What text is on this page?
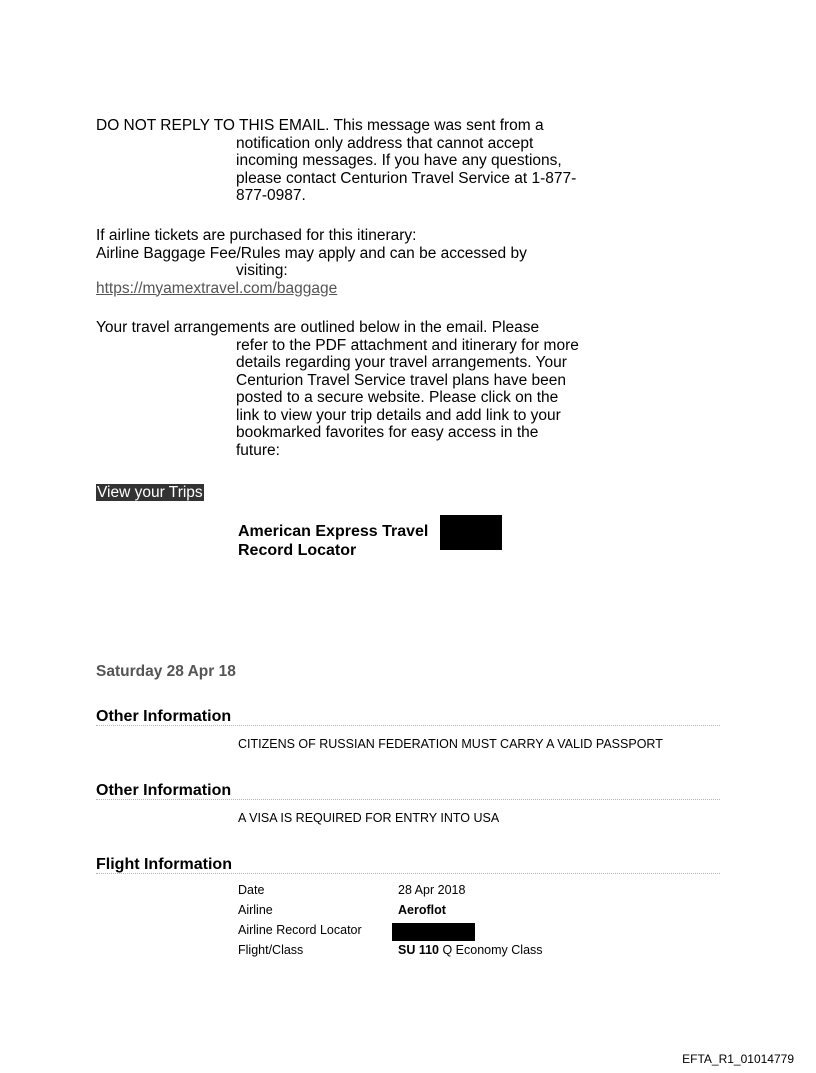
DO NOT REPLY TO THIS EMAIL. This message was sent from a
notification only address that cannot accept
incoming messages. If you have any questions,
please contact Centurion Travel Service at 1-877-
877-0987.
If airline tickets are purchased for this itinerary:
Airline Baggage Fee/Rules may apply and can be accessed by
visiting:
https://myamextravel.com/baggage
Your travel arrangements are outlined below in the email. Please
refer to the PDF attachment and itinerary for more
details regarding your travel arrangements. Your
Centurion Travel Service travel plans have been
posted to a secure website. Please click on the
link to view your trip details and add link to your
bookmarked favorites for easy access in the
future:
View your Trips
American Express Travel
Record Locator
Saturday 28 Apr 18
Other Information
CITIZENS OF RUSSIAN FEDERATION MUST CARRY A VALID PASSPORT
Other Information
A VISA IS REQUIRED FOR ENTRY INTO USA
Flight Information
Date	28 Apr 2018
Airline	Aeroflot
Airline Record Locator
Flight/Class	SU 110 Q Economy Class
EFTA_R1_01014779
